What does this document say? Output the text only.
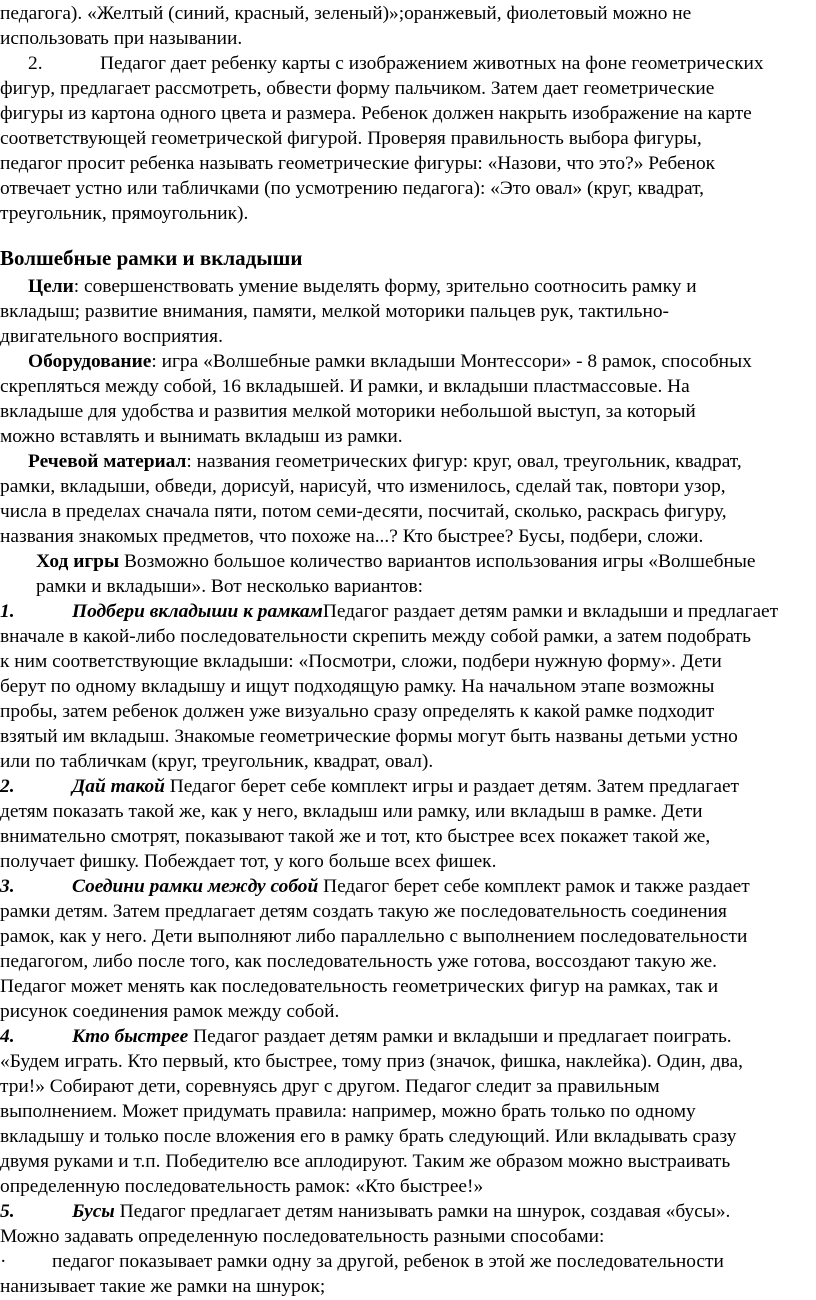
педагога). «Желтый (синий, красный, зеленый)»;оранжевый, фиолетовый можно не
использовать при назывании.
2.	Педагог дает ребенку карты с изображением животных на фоне геометрических
фигур, предлагает рассмотреть, обвести форму пальчиком. Затем дает геометрические
фигуры из картона одного цвета и размера. Ребенок должен накрыть изображение на карте
соответствующей геометрической фигурой. Проверяя правильность выбора фигуры,
педагог просит ребенка называть геометрические фигуры: «Назови, что это?» Ребенок
отвечает устно или табличками (по усмотрению педагога): «Это овал» (круг, квадрат,
треугольник, прямоугольник).
Волшебные рамки и вкладыши
Цели: совершенствовать умение выделять форму, зрительно соотносить рамку и
вкладыш; развитие внимания, памяти, мелкой моторики пальцев рук, тактильно-
двигательного восприятия.
Оборудование: игра «Волшебные рамки вкладыши Монтессори» - 8 рамок, способных
скрепляться между собой, 16 вкладышей. И рамки, и вкладыши пластмассовые. На
вкладыше для удобства и развития мелкой моторики небольшой выступ, за который
можно вставлять и вынимать вкладыш из рамки.
Речевой материал: названия геометрических фигур: круг, овал, треугольник, квадрат,
рамки, вкладыши, обведи, дорисуй, нарисуй, что изменилось, сделай так, повтори узор,
числа в пределах сначала пяти, потом семи-десяти, посчитай, сколько, раскрась фигуру,
названия знакомых предметов, что похоже на...? Кто быстрее? Бусы, подбери, сложи.
Ход игры Возможно большое количество вариантов использования игры «Волшебные
рамки и вкладыши». Вот несколько вариантов:
1.	Подбери вкладыши к рамкамПедагог раздает детям рамки и вкладыши и предлагает
вначале в какой-либо последовательности скрепить между собой рамки, а затем подобрать
к ним соответствующие вкладыши: «Посмотри, сложи, подбери нужную форму». Дети
берут по одному вкладышу и ищут подходящую рамку. На начальном этапе возможны
пробы, затем ребенок должен уже визуально сразу определять к какой рамке подходит
взятый им вкладыш. Знакомые геометрические формы могут быть названы детьми устно
или по табличкам (круг, треугольник, квадрат, овал).
2.	Дай такой Педагог берет себе комплект игры и раздает детям. Затем предлагает
детям показать такой же, как у него, вкладыш или рамку, или вкладыш в рамке. Дети
внимательно смотрят, показывают такой же и тот, кто быстрее всех покажет такой же,
получает фишку. Побеждает тот, у кого больше всех фишек.
3.	Соедини рамки между собой Педагог берет себе комплект рамок и также раздает
рамки детям. Затем предлагает детям создать такую же последовательность соединения
рамок, как у него. Дети выполняют либо параллельно с выполнением последовательности
педагогом, либо после того, как последовательность уже готова, воссоздают такую же.
Педагог может менять как последовательность геометрических фигур на рамках, так и
рисунок соединения рамок между собой.
4.	Кто быстрее Педагог раздает детям рамки и вкладыши и предлагает поиграть.
«Будем играть. Кто первый, кто быстрее, тому приз (значок, фишка, наклейка). Один, два,
три!» Собирают дети, соревнуясь друг с другом. Педагог следит за правильным
выполнением. Может придумать правила: например, можно брать только по одному
вкладышу и только после вложения его в рамку брать следующий. Или вкладывать сразу
двумя руками и т.п. Победителю все аплодируют. Таким же образом можно выстраивать
определенную последовательность рамок: «Кто быстрее!»
5.	Бусы Педагог предлагает детям нанизывать рамки на шнурок, создавая «бусы».
Можно задавать определенную последовательность разными способами:
· педагог показывает рамки одну за другой, ребенок в этой же последовательности
нанизывает такие же рамки на шнурок;
